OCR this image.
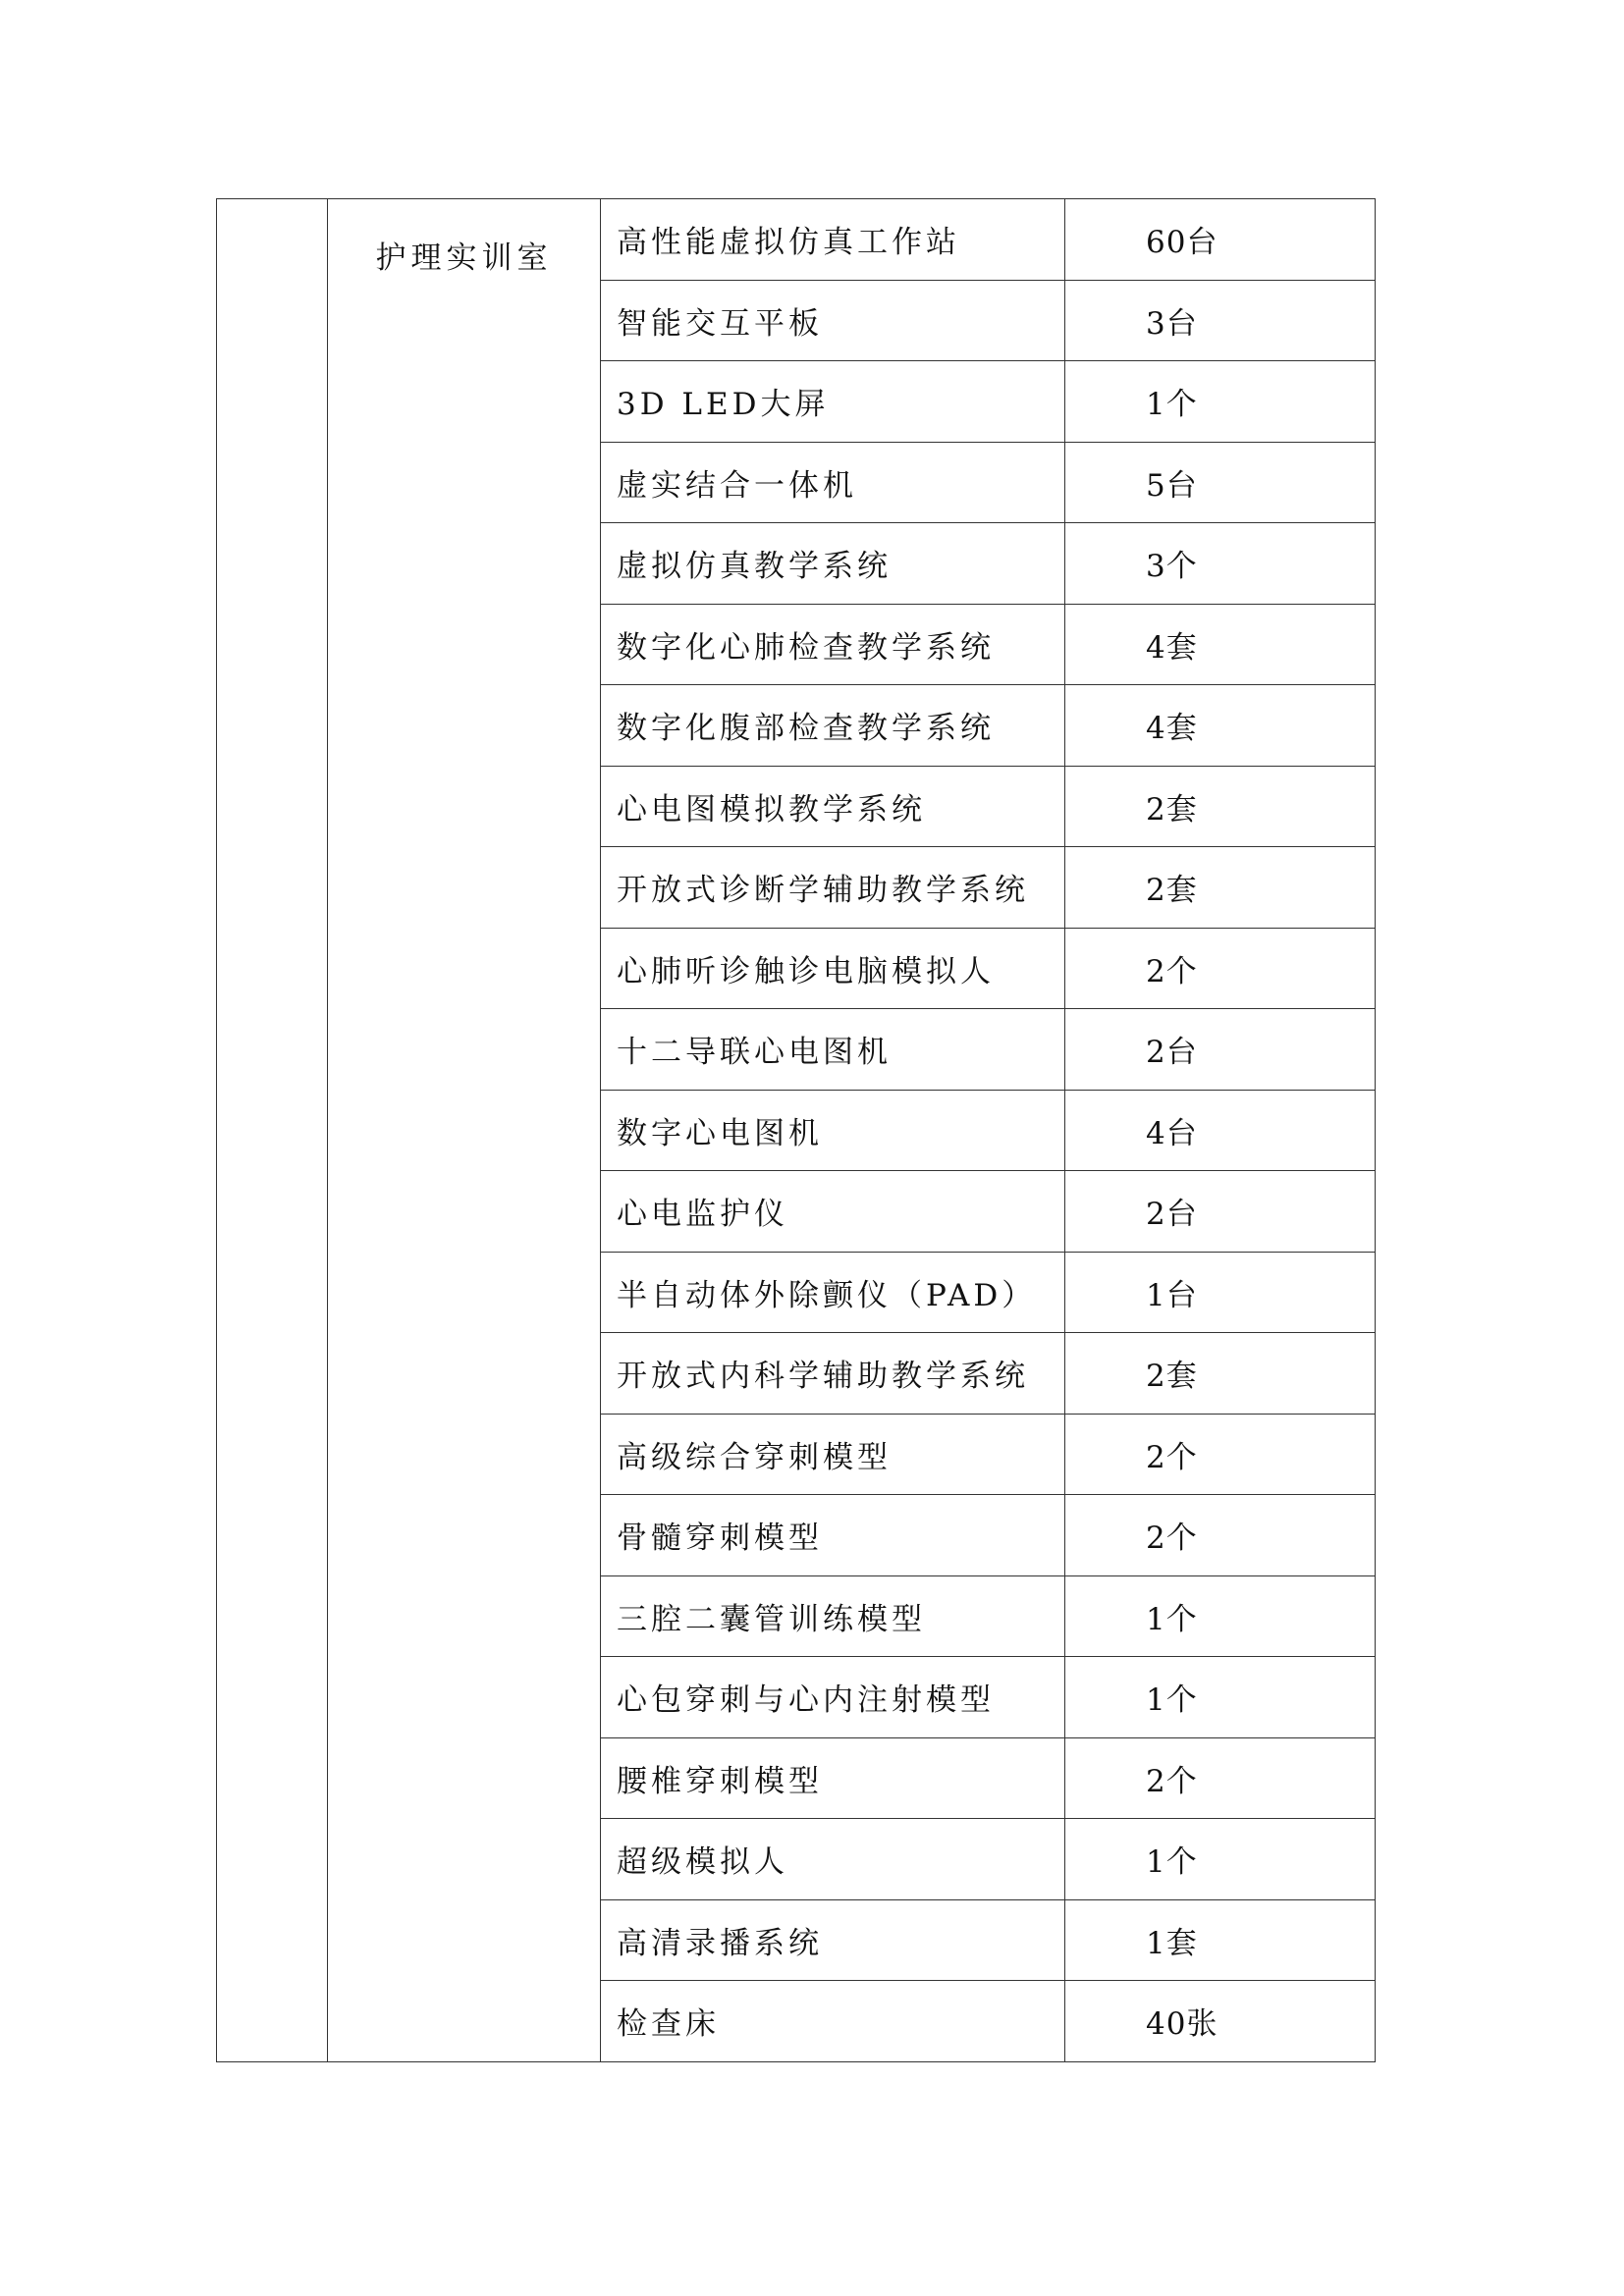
	护理实训室	高性能虚拟仿真工作站	60台
		智能交互平板	3台
		3D LED大屏	1个
		虚实结合一体机	5台
		虚拟仿真教学系统	3个
		数字化心肺检查教学系统	4套
		数字化腹部检查教学系统	4套
		心电图模拟教学系统	2套
		开放式诊断学辅助教学系统	2套
		心肺听诊触诊电脑模拟人	2个
		十二导联心电图机	2台
		数字心电图机	4台
		心电监护仪	2台
		半自动体外除颤仪（PAD）	1台
		开放式内科学辅助教学系统	2套
		高级综合穿刺模型	2个
		骨髓穿刺模型	2个
		三腔二囊管训练模型	1个
		心包穿刺与心内注射模型	1个
		腰椎穿刺模型	2个
		超级模拟人	1个
		高清录播系统	1套
		检查床	40张
